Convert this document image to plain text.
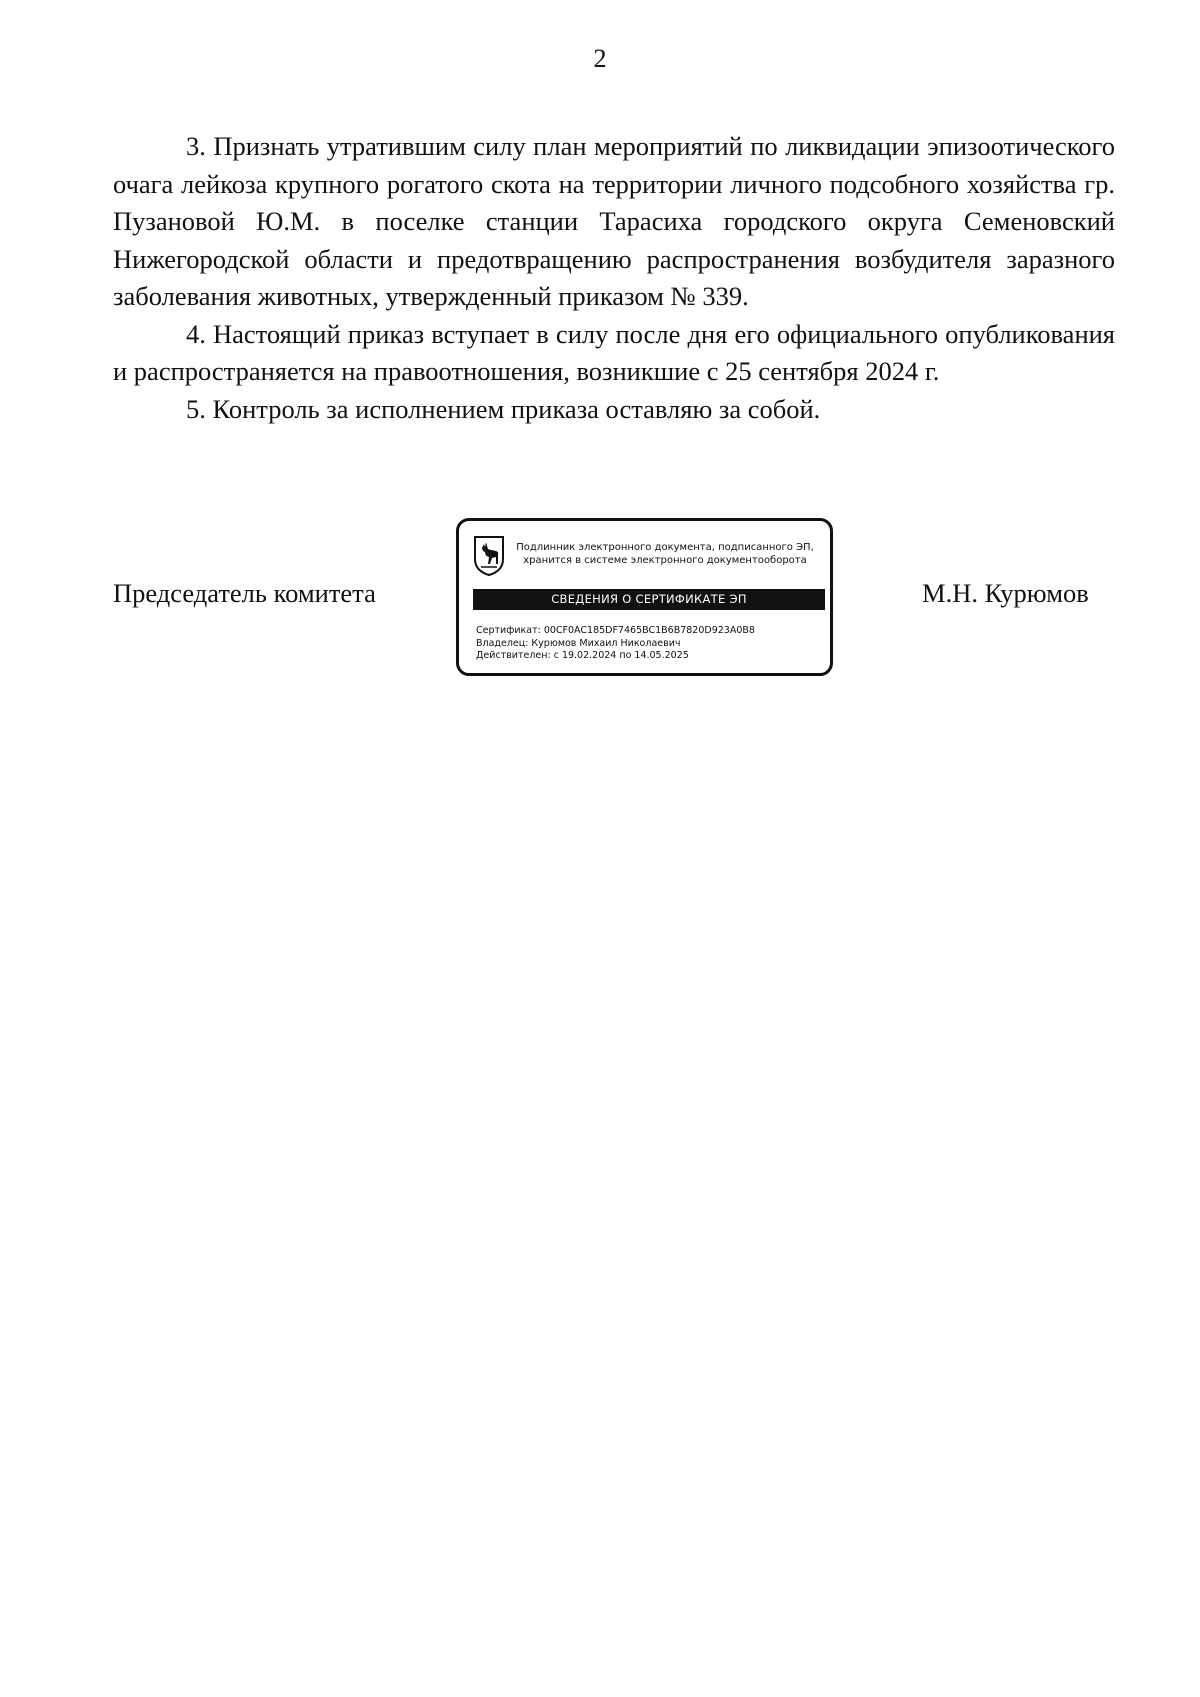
2

3. Признать утратившим силу план мероприятий по ликвидации эпизоотического очага лейкоза крупного рогатого скота на территории личного подсобного хозяйства гр. Пузановой Ю.М. в поселке станции Тарасиха городского округа Семеновский Нижегородской области и предотвращению распространения возбудителя заразного заболевания животных, утвержденный приказом № 339.

4. Настоящий приказ вступает в силу после дня его официального опубликования и распространяется на правоотношения, возникшие с 25 сентября 2024 г.

5. Контроль за исполнением приказа оставляю за собой.

Председатель комитета
Подлинник электронного документа, подписанного ЭП,
хранится в системе электронного документооборота
СВЕДЕНИЯ О СЕРТИФИКАТЕ ЭП
Сертификат: 00CF0AC185DF7465BC1B6B7820D923A0B8
Владелец: Курюмов Михаил Николаевич
Действителен: с 19.02.2024 по 14.05.2025
М.Н. Курюмов
